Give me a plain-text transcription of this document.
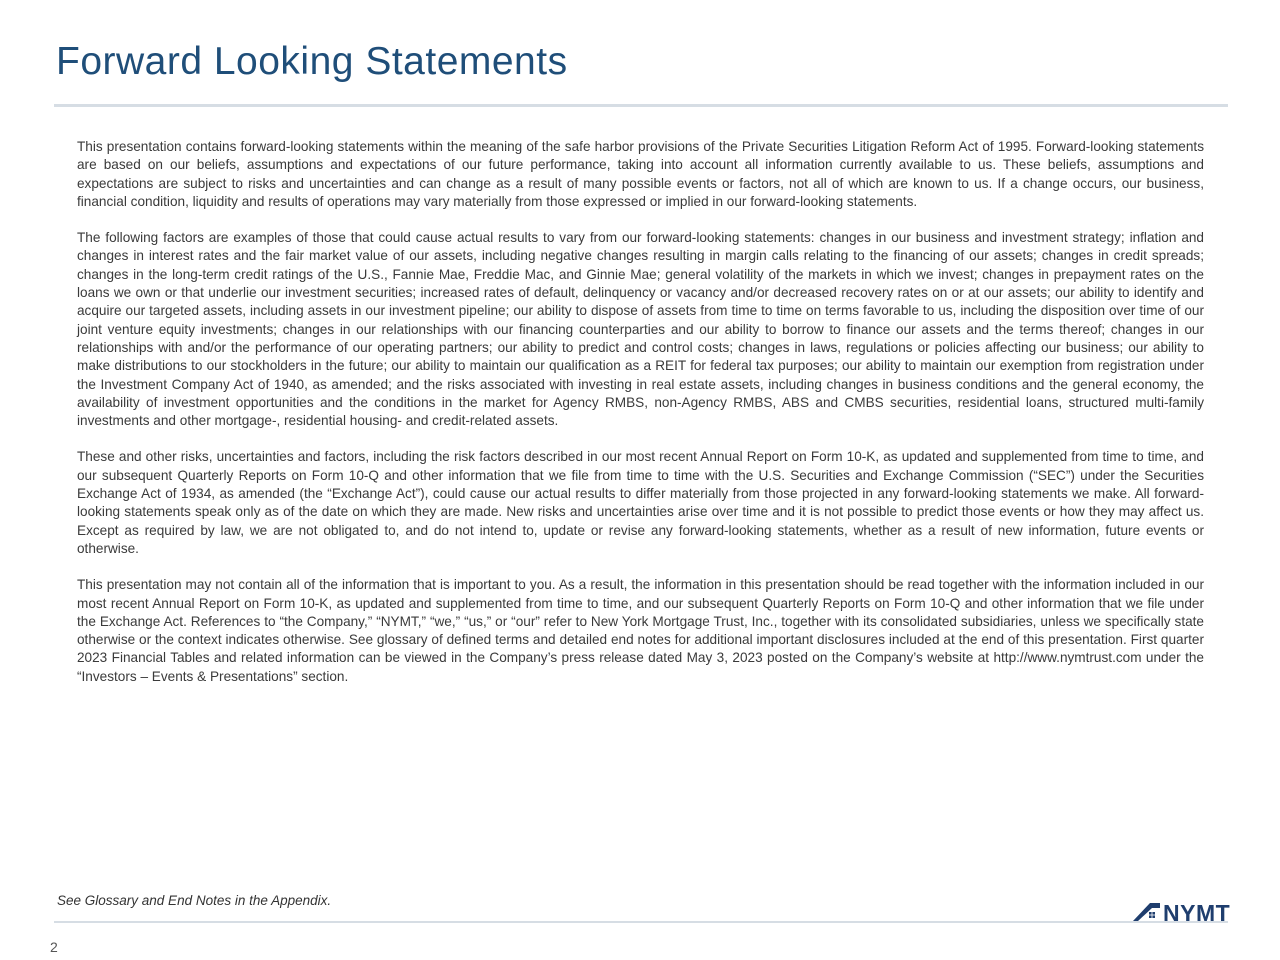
Forward Looking Statements

This presentation contains forward-looking statements within the meaning of the safe harbor provisions of the Private Securities Litigation Reform Act of 1995. Forward-looking statements are based on our beliefs, assumptions and expectations of our future performance, taking into account all information currently available to us. These beliefs, assumptions and expectations are subject to risks and uncertainties and can change as a result of many possible events or factors, not all of which are known to us. If a change occurs, our business, financial condition, liquidity and results of operations may vary materially from those expressed or implied in our forward-looking statements.

The following factors are examples of those that could cause actual results to vary from our forward-looking statements: changes in our business and investment strategy; inflation and changes in interest rates and the fair market value of our assets, including negative changes resulting in margin calls relating to the financing of our assets; changes in credit spreads; changes in the long-term credit ratings of the U.S., Fannie Mae, Freddie Mac, and Ginnie Mae; general volatility of the markets in which we invest; changes in prepayment rates on the loans we own or that underlie our investment securities; increased rates of default, delinquency or vacancy and/or decreased recovery rates on or at our assets; our ability to identify and acquire our targeted assets, including assets in our investment pipeline; our ability to dispose of assets from time to time on terms favorable to us, including the disposition over time of our joint venture equity investments; changes in our relationships with our financing counterparties and our ability to borrow to finance our assets and the terms thereof; changes in our relationships with and/or the performance of our operating partners; our ability to predict and control costs; changes in laws, regulations or policies affecting our business; our ability to make distributions to our stockholders in the future; our ability to maintain our qualification as a REIT for federal tax purposes; our ability to maintain our exemption from registration under the Investment Company Act of 1940, as amended; and the risks associated with investing in real estate assets, including changes in business conditions and the general economy, the availability of investment opportunities and the conditions in the market for Agency RMBS, non-Agency RMBS, ABS and CMBS securities, residential loans, structured multi-family investments and other mortgage-, residential housing- and credit-related assets.

These and other risks, uncertainties and factors, including the risk factors described in our most recent Annual Report on Form 10-K, as updated and supplemented from time to time, and our subsequent Quarterly Reports on Form 10-Q and other information that we file from time to time with the U.S. Securities and Exchange Commission (“SEC”) under the Securities Exchange Act of 1934, as amended (the “Exchange Act”), could cause our actual results to differ materially from those projected in any forward-looking statements we make. All forward-looking statements speak only as of the date on which they are made. New risks and uncertainties arise over time and it is not possible to predict those events or how they may affect us. Except as required by law, we are not obligated to, and do not intend to, update or revise any forward-looking statements, whether as a result of new information, future events or otherwise.

This presentation may not contain all of the information that is important to you. As a result, the information in this presentation should be read together with the information included in our most recent Annual Report on Form 10-K, as updated and supplemented from time to time, and our subsequent Quarterly Reports on Form 10-Q and other information that we file under the Exchange Act. References to “the Company,” “NYMT,” “we,” “us,” or “our” refer to New York Mortgage Trust, Inc., together with its consolidated subsidiaries, unless we specifically state otherwise or the context indicates otherwise. See glossary of defined terms and detailed end notes for additional important disclosures included at the end of this presentation. First quarter 2023 Financial Tables and related information can be viewed in the Company’s press release dated May 3, 2023 posted on the Company’s website at http://www.nymtrust.com under the “Investors – Events & Presentations” section.

See Glossary and End Notes in the Appendix.

2

NYMT
